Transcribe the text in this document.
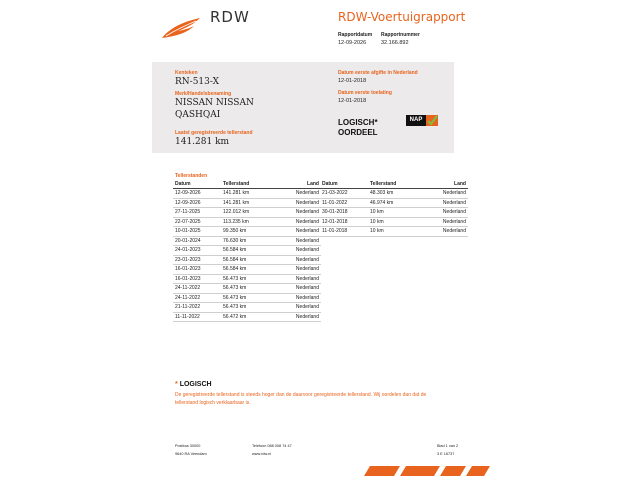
RDW	RDW-Voertuigrapport
Rapportdatum
12-09-2026
Rapportnummer
32.166.892
Kenteken
RN-513-X
Merk/Handelsbenaming
NISSAN NISSAN
QASHQAI
Laatst geregistreerde tellerstand
141.281 km
Datum eerste afgifte in Nederland
12-01-2018
Datum eerste toelating
12-01-2018
LOGISCH*
OORDEEL
NAP
Tellerstanden
Datum	Tellerstand	Land
12-09-2026	141.281 km	Nederland
12-09-2026	141.281 km	Nederland
27-11-2025	122.012 km	Nederland
22-07-2025	113.235 km	Nederland
10-01-2025	99.350 km	Nederland
20-01-2024	76.630 km	Nederland
24-01-2023	56.584 km	Nederland
23-01-2023	56.584 km	Nederland
16-01-2023	56.584 km	Nederland
16-01-2023	56.473 km	Nederland
24-11-2022	56.473 km	Nederland
24-11-2022	56.473 km	Nederland
21-11-2022	56.473 km	Nederland
11-11-2022	56.472 km	Nederland
Datum	Tellerstand	Land
21-03-2022	48.303 km	Nederland
11-01-2022	46.974 km	Nederland
30-01-2018	10 km	Nederland
12-01-2018	10 km	Nederland
11-01-2018	10 km	Nederland
* LOGISCH
De geregistreerde tellerstand is steeds hoger dan de daarvoor geregistreerde tellerstand. Wij oordelen dan dat de tellerstand logisch verklaarbaar is.
Postbus 30000
9640 RA Veendam
Telefoon 088 008 74 47
www.rdw.nl
Blad 1 van 2
3 E 16737
